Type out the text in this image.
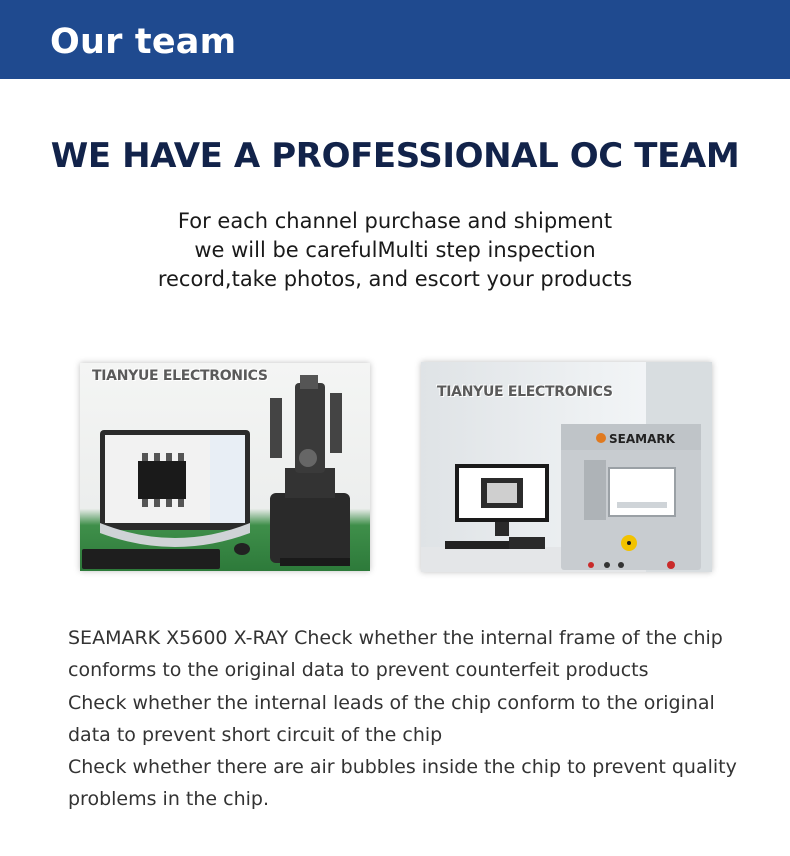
Our team
WE HAVE A PROFESSIONAL OC TEAM
For each channel purchase and shipment
we will be carefulMulti step inspection
record,take photos, and escort your products
TIANYUE ELECTRONICS
SEAMARK
TIANYUE ELECTRONICS
SEAMARK X5600 X-RAY Check whether the internal frame of the chip
conforms to the original data to prevent counterfeit products
Check whether the internal leads of the chip conform to the original
data to prevent short circuit of the chip
Check whether there are air bubbles inside the chip to prevent quality
problems in the chip.
